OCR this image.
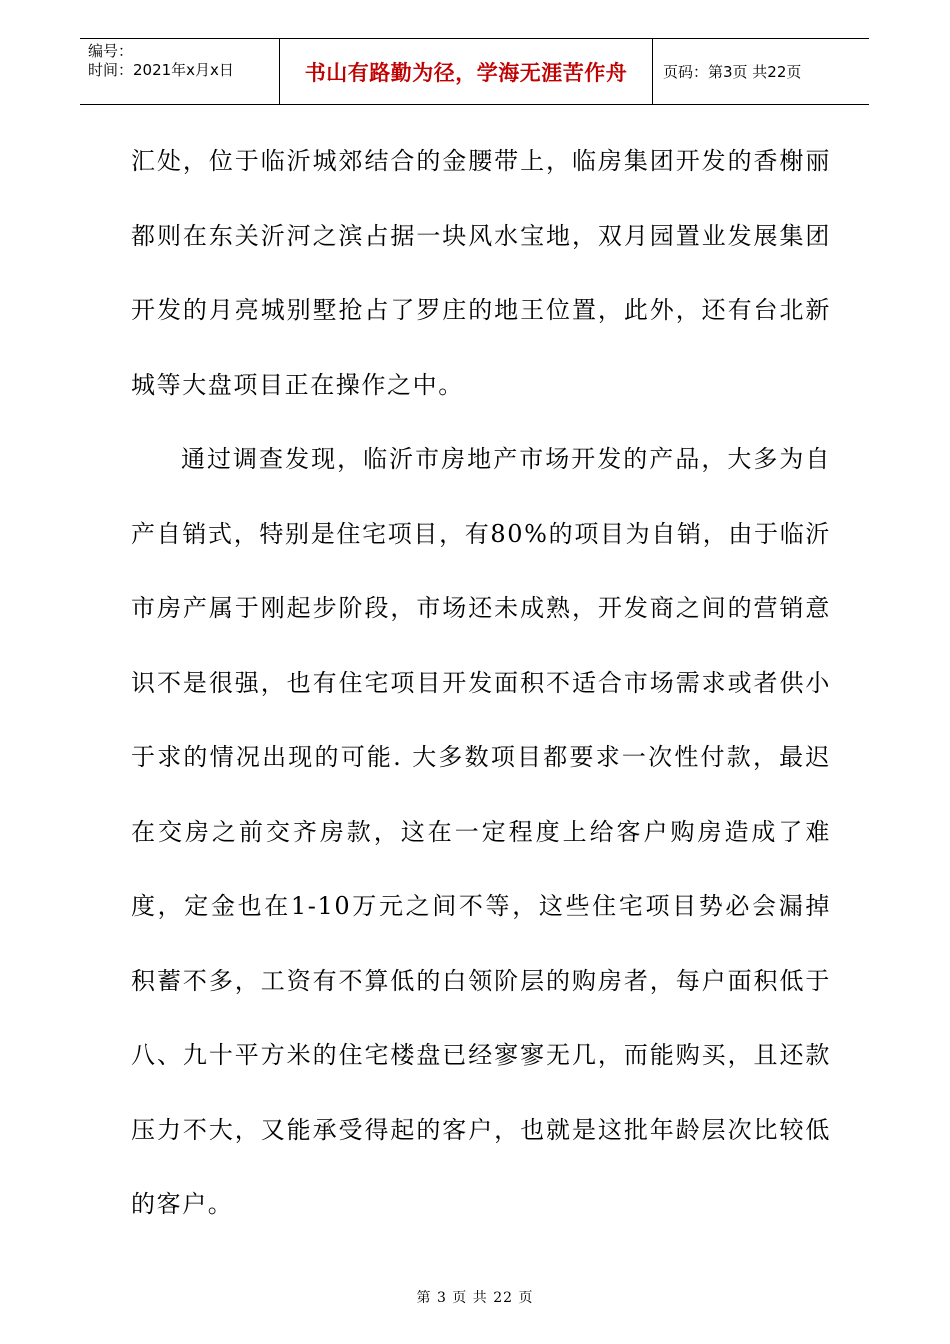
编号：
时间：2021年x月x日	书山有路勤为径，学海无涯苦作舟	页码：第3页 共22页

汇处，位于临沂城郊结合的金腰带上，临房集团开发的香榭丽都则在东关沂河之滨占据一块风水宝地，双月园置业发展集团开发的月亮城别墅抢占了罗庄的地王位置，此外，还有台北新城等大盘项目正在操作之中。

通过调查发现，临沂市房地产市场开发的产品，大多为自产自销式，特别是住宅项目，有80%的项目为自销，由于临沂市房产属于刚起步阶段，市场还未成熟，开发商之间的营销意识不是很强，也有住宅项目开发面积不适合市场需求或者供小于求的情况出现的可能. 大多数项目都要求一次性付款，最迟在交房之前交齐房款，这在一定程度上给客户购房造成了难度，定金也在1-10万元之间不等，这些住宅项目势必会漏掉积蓄不多，工资有不算低的白领阶层的购房者，每户面积低于八、九十平方米的住宅楼盘已经寥寥无几，而能购买，且还款压力不大，又能承受得起的客户，也就是这批年龄层次比较低的客户。

第 3 页 共 22 页
